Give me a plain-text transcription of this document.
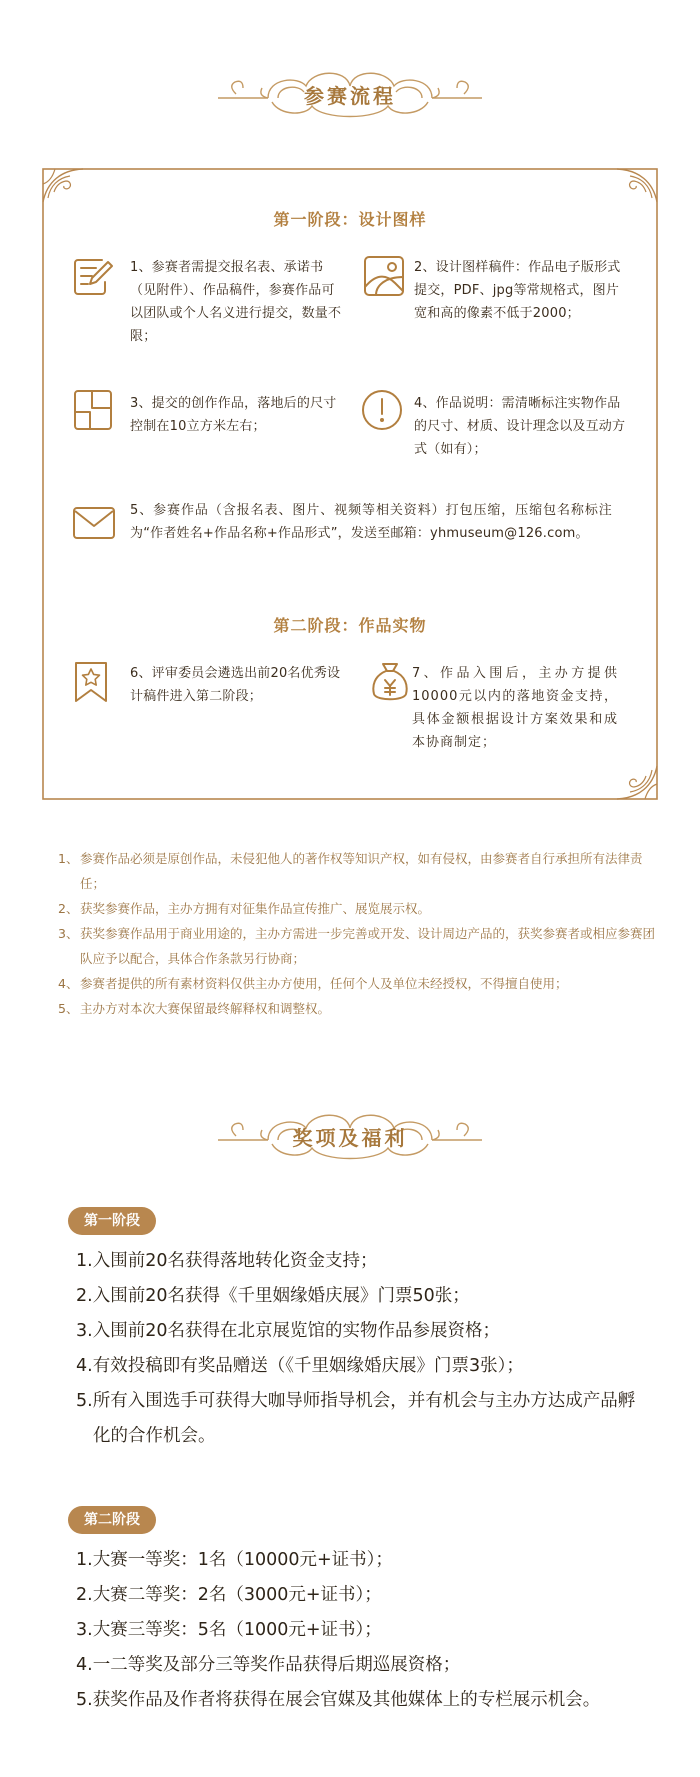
参赛流程
第一阶段：设计图样
1、参赛者需提交报名表、承诺书（见附件）、作品稿件，参赛作品可以团队或个人名义进行提交，数量不限；
2、设计图样稿件：作品电子版形式提交，PDF、jpg等常规格式，图片宽和高的像素不低于2000；
3、提交的创作作品，落地后的尺寸控制在10立方米左右；
4、作品说明：需清晰标注实物作品的尺寸、材质、设计理念以及互动方式（如有）；
5、参赛作品（含报名表、图片、视频等相关资料）打包压缩，压缩包名称标注为“作者姓名+作品名称+作品形式”，发送至邮箱：yhmuseum@126.com。
第二阶段：作品实物
6、评审委员会遴选出前20名优秀设计稿件进入第二阶段；
7、作品入围后，主办方提供10000元以内的落地资金支持，具体金额根据设计方案效果和成本协商制定；
1、 参赛作品必须是原创作品，未侵犯他人的著作权等知识产权，如有侵权，由参赛者自行承担所有法律责任；
2、 获奖参赛作品，主办方拥有对征集作品宣传推广、展览展示权。
3、 获奖参赛作品用于商业用途的，主办方需进一步完善或开发、设计周边产品的，获奖参赛者或相应参赛团队应予以配合，具体合作条款另行协商；
4、 参赛者提供的所有素材资料仅供主办方使用，任何个人及单位未经授权，不得擅自使用；
5、 主办方对本次大赛保留最终解释权和调整权。
奖项及福利
第一阶段
1.入围前20名获得落地转化资金支持；
2.入围前20名获得《千里姻缘婚庆展》门票50张；
3.入围前20名获得在北京展览馆的实物作品参展资格；
4.有效投稿即有奖品赠送（《千里姻缘婚庆展》门票3张）；
5.所有入围选手可获得大咖导师指导机会，并有机会与主办方达成产品孵化的合作机会。
第二阶段
1.大赛一等奖：1名（10000元+证书）；
2.大赛二等奖：2名（3000元+证书）；
3.大赛三等奖：5名（1000元+证书）；
4.一二等奖及部分三等奖作品获得后期巡展资格；
5.获奖作品及作者将获得在展会官媒及其他媒体上的专栏展示机会。
